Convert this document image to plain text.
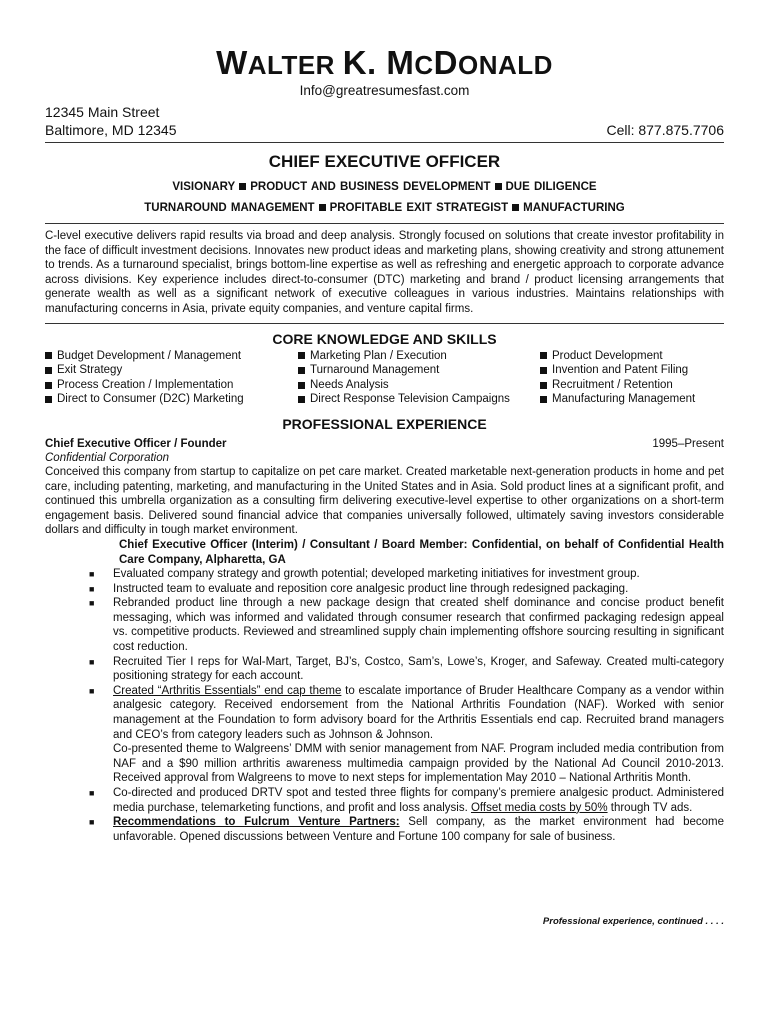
WALTER K. MCDONALD
Info@greatresumesfast.com
12345 Main Street
Baltimore, MD 12345	Cell: 877.875.7706
CHIEF EXECUTIVE OFFICER
VISIONARY PRODUCT AND BUSINESS DEVELOPMENT DUE DILIGENCE
TURNAROUND MANAGEMENT PROFITABLE EXIT STRATEGIST MANUFACTURING
C-level executive delivers rapid results via broad and deep analysis. Strongly focused on solutions that create investor profitability in the face of difficult investment decisions. Innovates new product ideas and marketing plans, showing creativity and strong attunement to trends. As a turnaround specialist, brings bottom-line expertise as well as refreshing and energetic approach to corporate advance across divisions. Key experience includes direct-to-consumer (DTC) marketing and brand / product licensing arrangements that generate wealth as well as a significant network of executive colleagues in various industries. Maintains relationships with manufacturing concerns in Asia, private equity companies, and venture capital firms.
CORE KNOWLEDGE AND SKILLS
Budget Development / Management	Marketing Plan / Execution	Product Development
Exit Strategy	Turnaround Management	Invention and Patent Filing
Process Creation / Implementation	Needs Analysis	Recruitment / Retention
Direct to Consumer (D2C) Marketing	Direct Response Television Campaigns	Manufacturing Management
PROFESSIONAL EXPERIENCE
Chief Executive Officer / Founder	1995–Present
Confidential Corporation
Conceived this company from startup to capitalize on pet care market. Created marketable next-generation products in home and pet care, including patenting, marketing, and manufacturing in the United States and in Asia. Sold product lines at a significant profit, and continued this umbrella organization as a consulting firm delivering executive-level expertise to other organizations on a short-term engagement basis. Delivered sound financial advice that companies universally followed, ultimately saving investors considerable dollars and difficulty in tough market environment.
Chief Executive Officer (Interim) / Consultant / Board Member: Confidential, on behalf of Confidential Health Care Company, Alpharetta, GA
■	Evaluated company strategy and growth potential; developed marketing initiatives for investment group.
■	Instructed team to evaluate and reposition core analgesic product line through redesigned packaging.
■	Rebranded product line through a new package design that created shelf dominance and concise product benefit messaging, which was informed and validated through consumer research that confirmed packaging redesign appeal vs. competitive products. Reviewed and streamlined supply chain implementing offshore sourcing resulting in significant cost reduction.
■	Recruited Tier I reps for Wal-Mart, Target, BJ’s, Costco, Sam’s, Lowe’s, Kroger, and Safeway. Created multi-category positioning strategy for each account.
■	Created “Arthritis Essentials” end cap theme to escalate importance of Bruder Healthcare Company as a vendor within analgesic category. Received endorsement from the National Arthritis Foundation (NAF). Worked with senior management at the Foundation to form advisory board for the Arthritis Essentials end cap. Recruited brand managers and CEO’s from category leaders such as Johnson & Johnson.
Co-presented theme to Walgreens’ DMM with senior management from NAF. Program included media contribution from NAF and a $90 million arthritis awareness multimedia campaign provided by the National Ad Council 2010-2013. Received approval from Walgreens to move to next steps for implementation May 2010 – National Arthritis Month.
■	Co-directed and produced DRTV spot and tested three flights for company’s premiere analgesic product. Administered media purchase, telemarketing functions, and profit and loss analysis. Offset media costs by 50% through TV ads.
■	Recommendations to Fulcrum Venture Partners: Sell company, as the market environment had become unfavorable. Opened discussions between Venture and Fortune 100 company for sale of business.
Professional experience, continued . . . .
